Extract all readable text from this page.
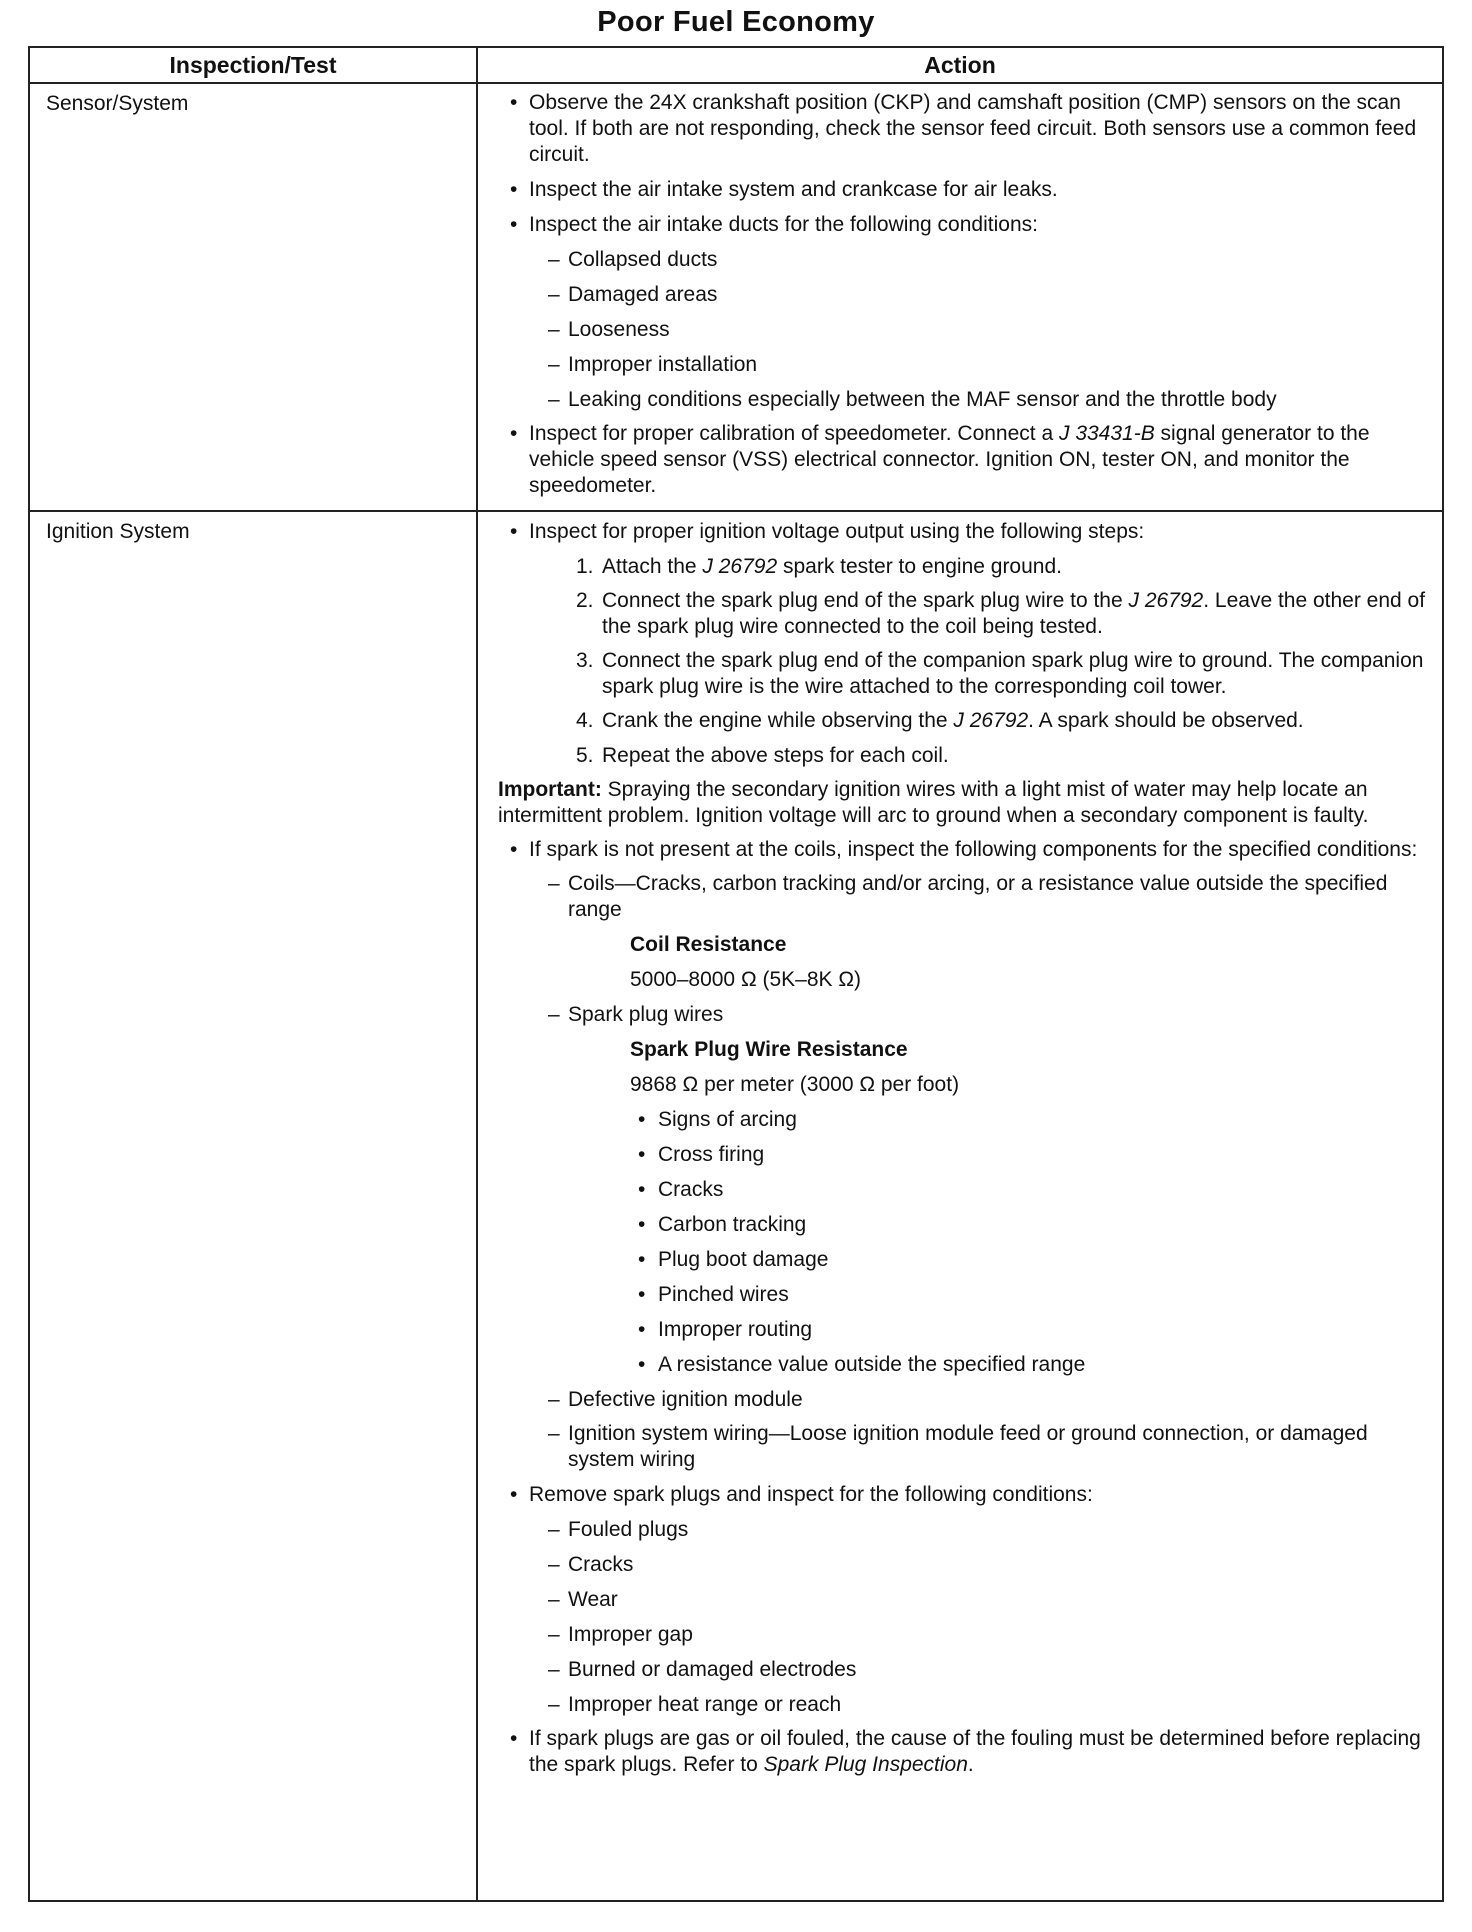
Poor Fuel Economy
Inspection/Test	Action
Sensor/System	• Observe the 24X crankshaft position (CKP) and camshaft position (CMP) sensors on the scan tool. If both are not responding, check the sensor feed circuit. Both sensors use a common feed circuit.
• Inspect the air intake system and crankcase for air leaks.
• Inspect the air intake ducts for the following conditions:
– Collapsed ducts
– Damaged areas
– Looseness
– Improper installation
– Leaking conditions especially between the MAF sensor and the throttle body
• Inspect for proper calibration of speedometer. Connect a J 33431-B signal generator to the vehicle speed sensor (VSS) electrical connector. Ignition ON, tester ON, and monitor the speedometer.
Ignition System	• Inspect for proper ignition voltage output using the following steps:
1. Attach the J 26792 spark tester to engine ground.
2. Connect the spark plug end of the spark plug wire to the J 26792. Leave the other end of the spark plug wire connected to the coil being tested.
3. Connect the spark plug end of the companion spark plug wire to ground. The companion spark plug wire is the wire attached to the corresponding coil tower.
4. Crank the engine while observing the J 26792. A spark should be observed.
5. Repeat the above steps for each coil.
Important: Spraying the secondary ignition wires with a light mist of water may help locate an intermittent problem. Ignition voltage will arc to ground when a secondary component is faulty.
• If spark is not present at the coils, inspect the following components for the specified conditions:
– Coils—Cracks, carbon tracking and/or arcing, or a resistance value outside the specified range
Coil Resistance
5000–8000 Ω (5K–8K Ω)
– Spark plug wires
Spark Plug Wire Resistance
9868 Ω per meter (3000 Ω per foot)
• Signs of arcing
• Cross firing
• Cracks
• Carbon tracking
• Plug boot damage
• Pinched wires
• Improper routing
• A resistance value outside the specified range
– Defective ignition module
– Ignition system wiring—Loose ignition module feed or ground connection, or damaged system wiring
• Remove spark plugs and inspect for the following conditions:
– Fouled plugs
– Cracks
– Wear
– Improper gap
– Burned or damaged electrodes
– Improper heat range or reach
• If spark plugs are gas or oil fouled, the cause of the fouling must be determined before replacing the spark plugs. Refer to Spark Plug Inspection.
